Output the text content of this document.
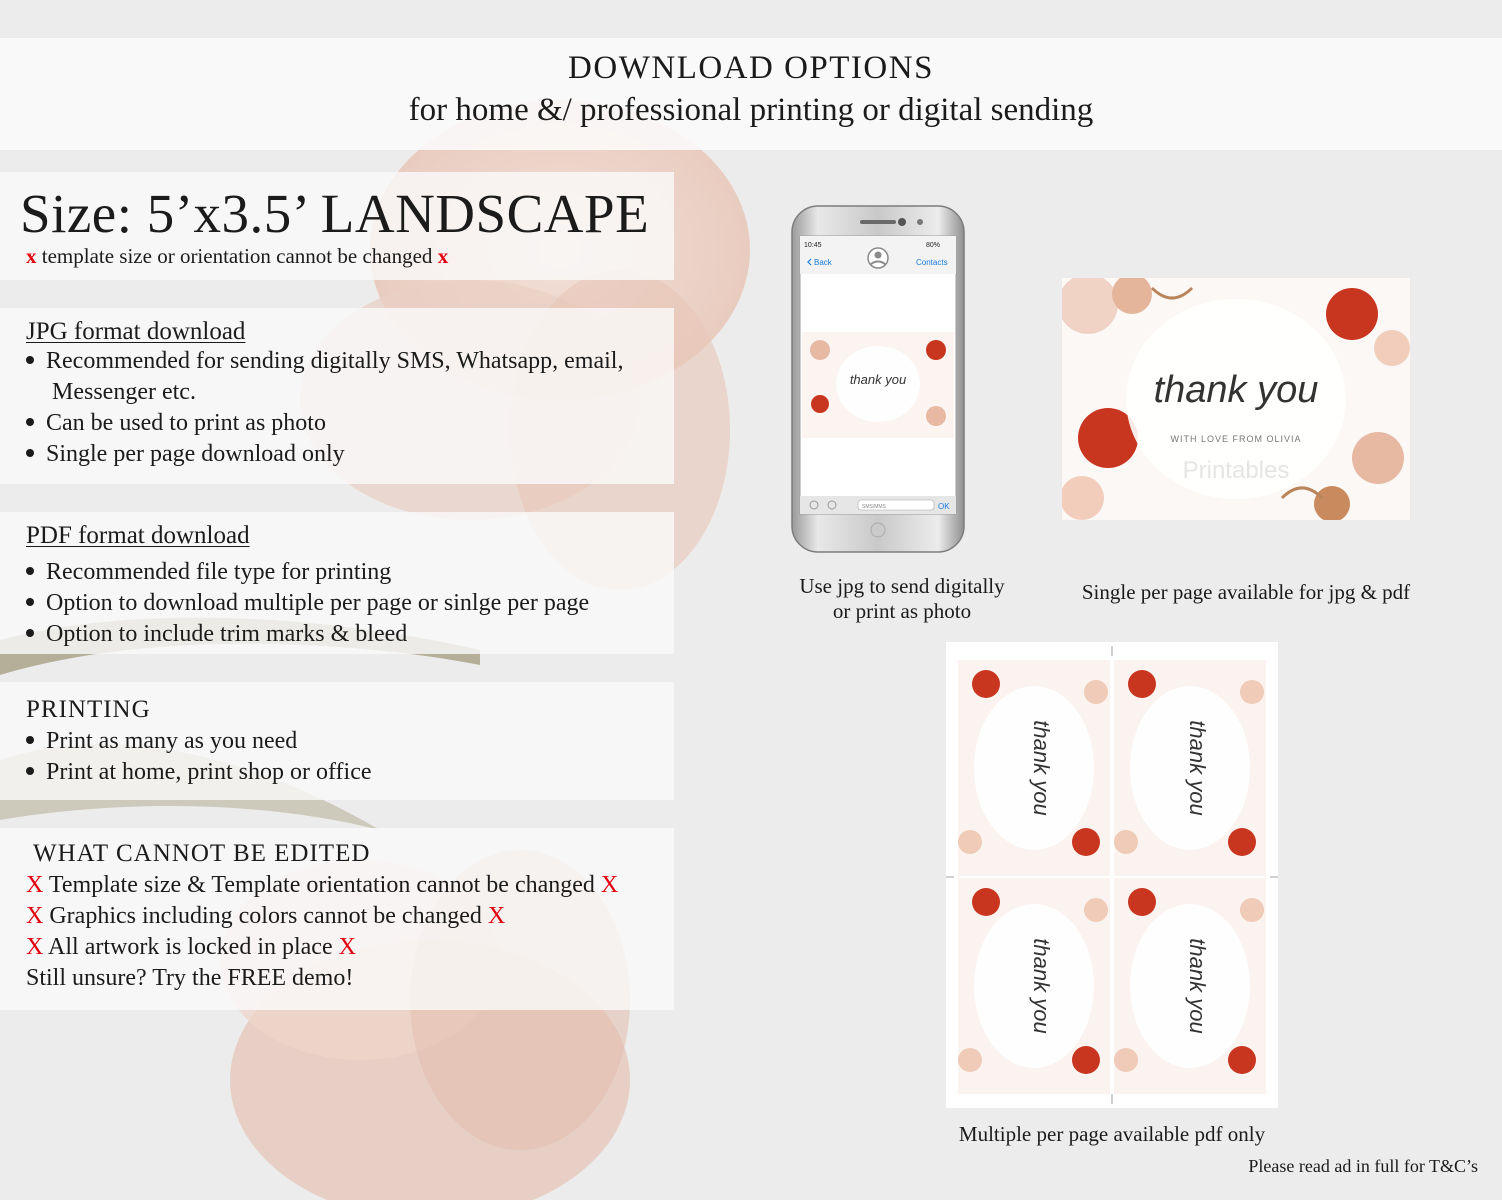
DOWNLOAD OPTIONS
for home &/ professional printing or digital sending
Size: 5’x3.5’ LANDSCAPE
x template size or orientation cannot be changed x
JPG format download
Recommended for sending digitally SMS, Whatsapp, email,
Messenger etc.
Can be used to print as photo
Single per page download only
PDF format download
Recommended file type for printing
Option to download multiple per page or sinlge per page
Option to include trim marks & bleed
PRINTING
Print as many as you need
Print at home, print shop or office
WHAT CANNOT BE EDITED
X Template size & Template orientation cannot be changed X
X Graphics including colors cannot be changed X
X All artwork is locked in place X
Still unsure? Try the FREE demo!
10:45	80%
Back	Contacts
thank you
SMS/MMS	OK
Printables
thank you
WITH LOVE FROM OLIVIA
Use jpg to send digitally
or print as photo
Single per page available for jpg & pdf
thank you	thank you
thank you	thank you
Multiple per page available pdf only
Please read ad in full for T&C’s
